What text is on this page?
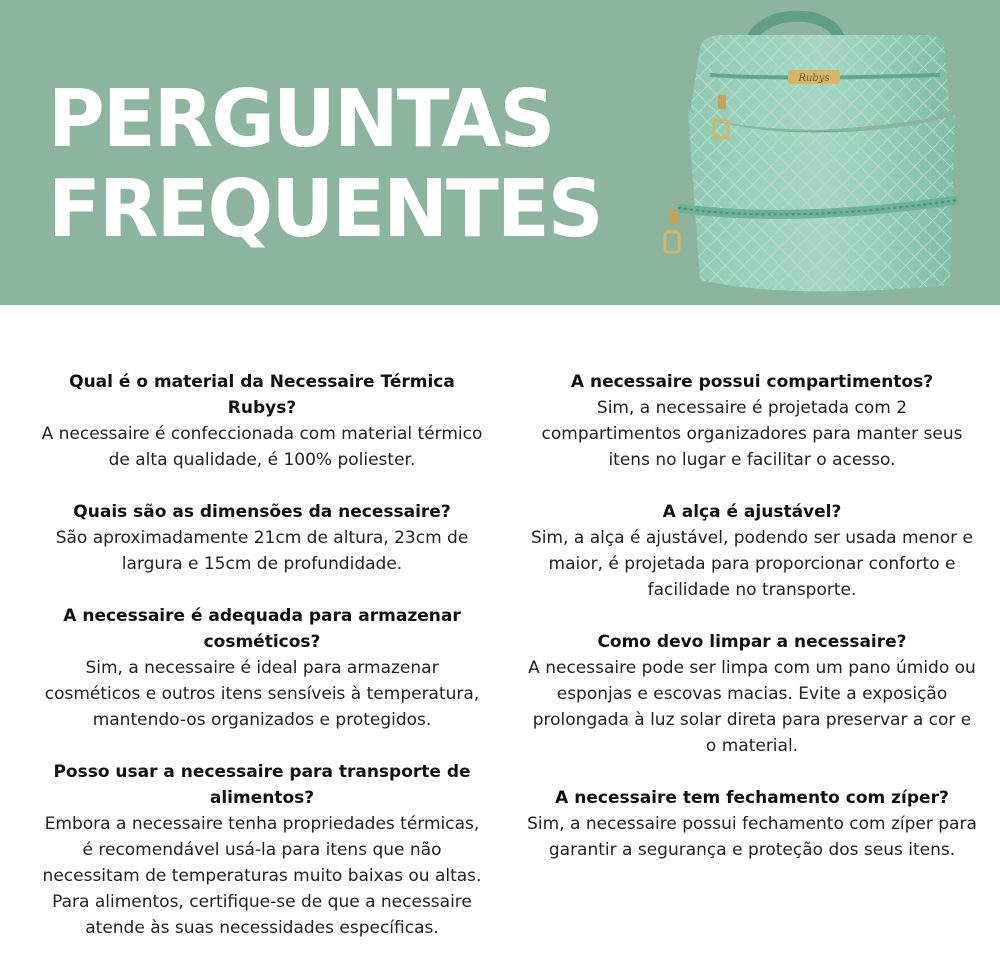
PERGUNTAS
FREQUENTES
Rubys
Qual é o material da Necessaire Térmica Rubys?
A necessaire é confeccionada com material térmico de alta qualidade, é 100% poliester.
Quais são as dimensões da necessaire?
São aproximadamente 21cm de altura, 23cm de largura e 15cm de profundidade.
A necessaire é adequada para armazenar cosméticos?
Sim, a necessaire é ideal para armazenar cosméticos e outros itens sensíveis à temperatura, mantendo-os organizados e protegidos.
Posso usar a necessaire para transporte de alimentos?
Embora a necessaire tenha propriedades térmicas, é recomendável usá-la para itens que não necessitam de temperaturas muito baixas ou altas. Para alimentos, certifique-se de que a necessaire atende às suas necessidades específicas.
A necessaire possui compartimentos?
Sim, a necessaire é projetada com 2 compartimentos organizadores para manter seus itens no lugar e facilitar o acesso.
A alça é ajustável?
Sim, a alça é ajustável, podendo ser usada menor e maior, é projetada para proporcionar conforto e facilidade no transporte.
Como devo limpar a necessaire?
A necessaire pode ser limpa com um pano úmido ou esponjas e escovas macias. Evite a exposição prolongada à luz solar direta para preservar a cor e o material.
A necessaire tem fechamento com zíper?
Sim, a necessaire possui fechamento com zíper para garantir a segurança e proteção dos seus itens.
